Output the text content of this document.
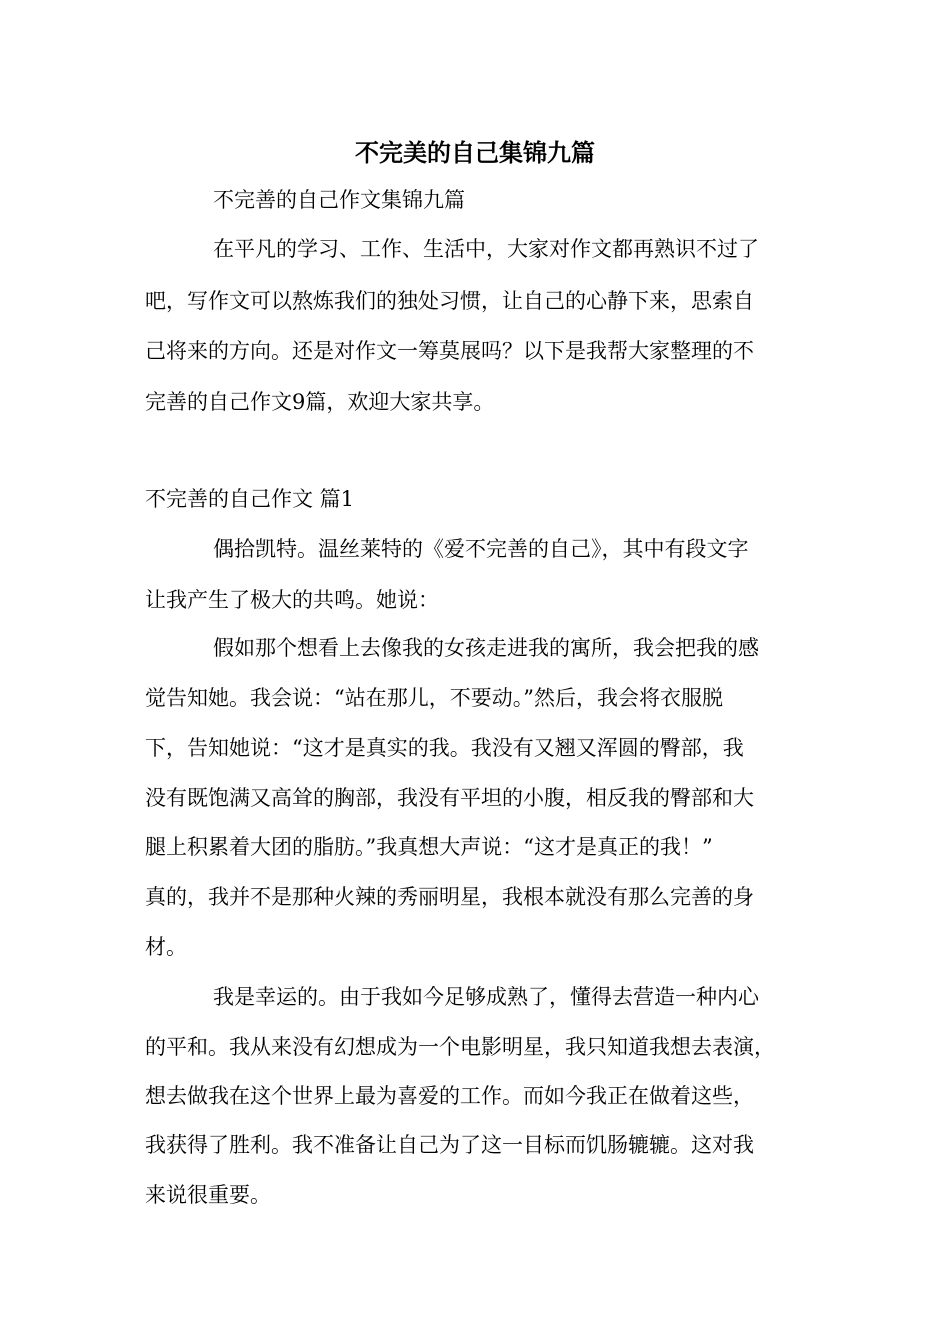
不完美的自己集锦九篇

不完善的自己作文集锦九篇

在平凡的学习、工作、生活中，大家对作文都再熟识不过了

吧，写作文可以熬炼我们的独处习惯，让自己的心静下来，思索自

己将来的方向。还是对作文一筹莫展吗？以下是我帮大家整理的不

完善的自己作文9篇，欢迎大家共享。

不完善的自己作文 篇1

偶拾凯特。温丝莱特的《爱不完善的自己》，其中有段文字

让我产生了极大的共鸣。她说：

假如那个想看上去像我的女孩走进我的寓所，我会把我的感

觉告知她。我会说：“站在那儿，不要动。”然后，我会将衣服脱

下，告知她说：“这才是真实的我。我没有又翘又浑圆的臀部，我

没有既饱满又高耸的胸部，我没有平坦的小腹，相反我的臀部和大

腿上积累着大团的脂肪。”我真想大声说：“这才是真正的我！”

真的，我并不是那种火辣的秀丽明星，我根本就没有那么完善的身

材。

我是幸运的。由于我如今足够成熟了，懂得去营造一种内心

的平和。我从来没有幻想成为一个电影明星，我只知道我想去表演，

想去做我在这个世界上最为喜爱的工作。而如今我正在做着这些，

我获得了胜利。我不准备让自己为了这一目标而饥肠辘辘。这对我

来说很重要。
